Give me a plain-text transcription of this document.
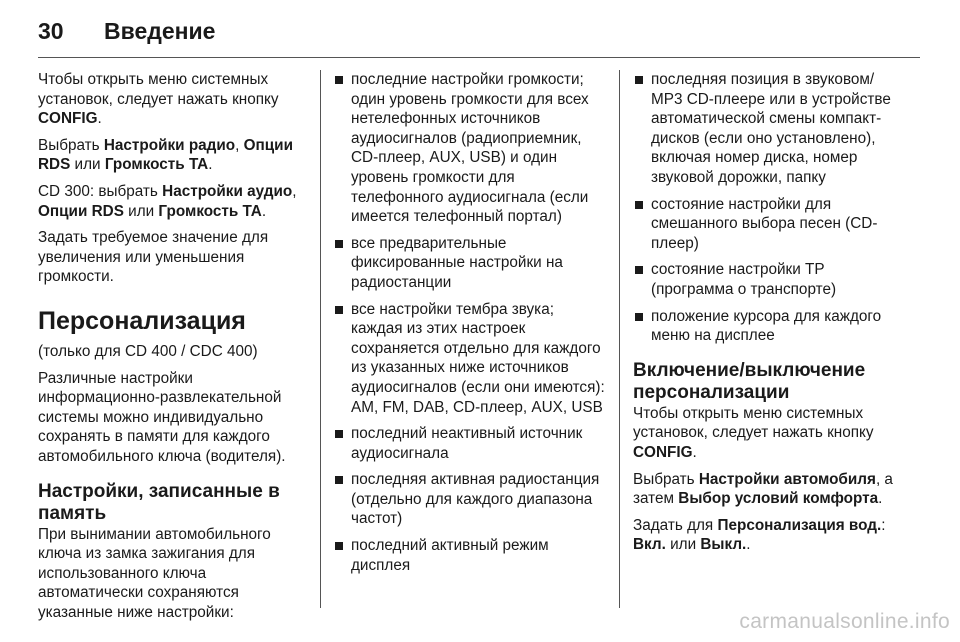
30 Введение

Чтобы открыть меню системных установок, следует нажать кнопку CONFIG.

Выбрать Настройки радио, Опции RDS или Громкость TA.

CD 300: выбрать Настройки аудио, Опции RDS или Громкость TA.

Задать требуемое значение для увеличения или уменьшения громкости.

Персонализация

(только для CD 400 / CDC 400)

Различные настройки информационно-развлекательной системы можно индивидуально сохранять в памяти для каждого автомобильного ключа (водителя).

Настройки, записанные в память

При вынимании автомобильного ключа из замка зажигания для использованного ключа автоматически сохраняются указанные ниже настройки:

последние настройки громкости; один уровень громкости для всех нетелефонных источников аудиосигналов (радиоприемник, CD-плеер, AUX, USB) и один уровень громкости для телефонного аудиосигнала (если имеется телефонный портал)
все предварительные фиксированные настройки на радиостанции
все настройки тембра звука; каждая из этих настроек сохраняется отдельно для каждого из указанных ниже источников аудиосигналов (если они имеются): AM, FM, DAB, CD-плеер, AUX, USB
последний неактивный источник аудиосигнала
последняя активная радиостанция (отдельно для каждого диапазона частот)
последний активный режим дисплея
последняя позиция в звуковом/ MP3 CD-плеере или в устройстве автоматической смены компакт-дисков (если оно установлено), включая номер диска, номер звуковой дорожки, папку
состояние настройки для смешанного выбора песен (CD-плеер)
состояние настройки TP (программа о транспорте)
положение курсора для каждого меню на дисплее
Включение/выключение персонализации

Чтобы открыть меню системных установок, следует нажать кнопку CONFIG.

Выбрать Настройки автомобиля, а затем Выбор условий комфорта.

Задать для Персонализация вод.: Вкл. или Выкл..

carmanualsonline.info
